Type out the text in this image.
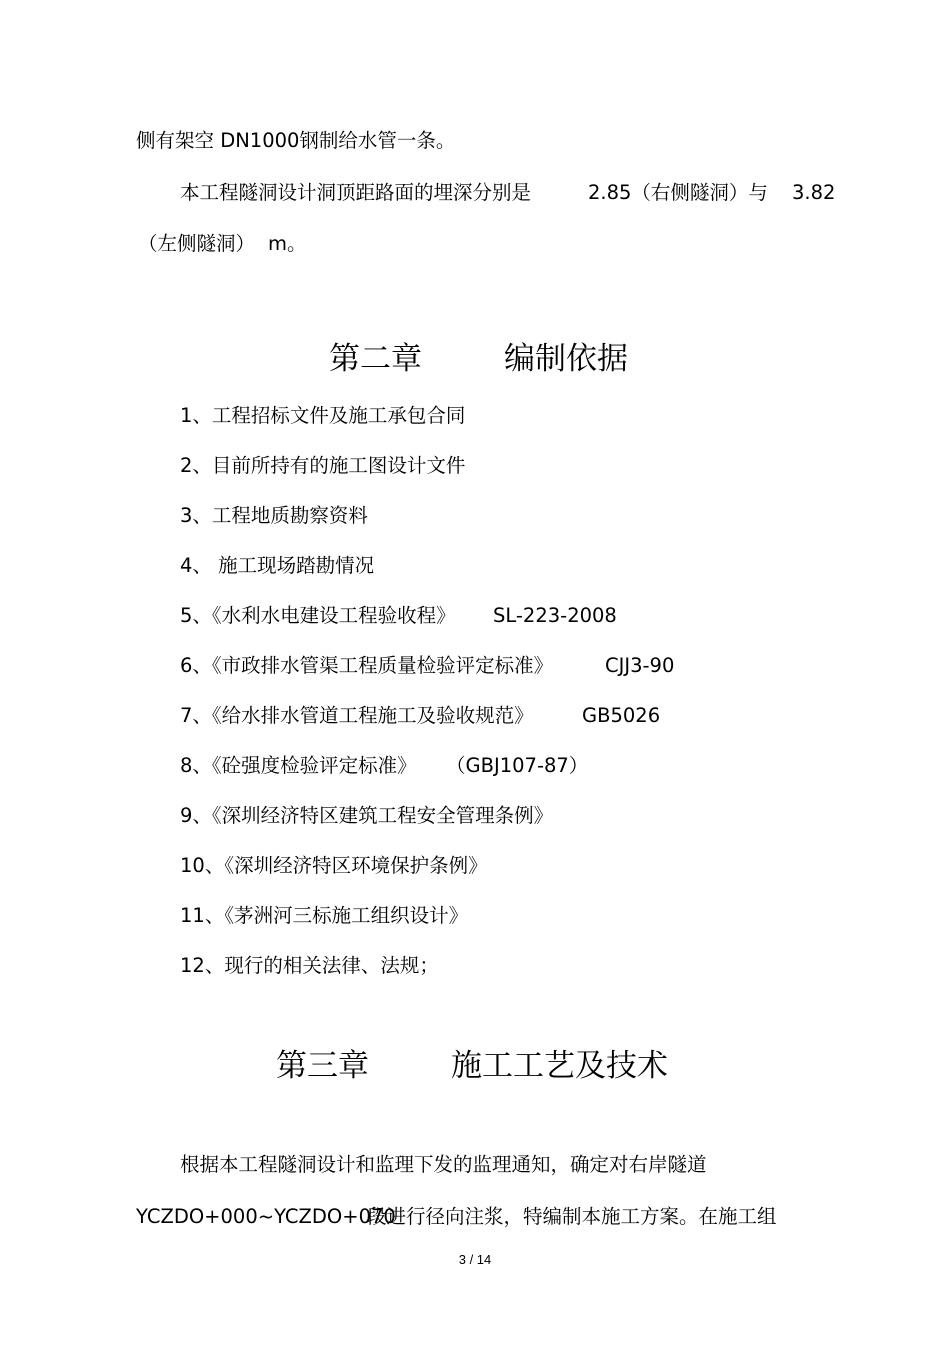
侧有架空 DN1000钢制给水管一条。
本工程隧洞设计洞顶距路面的埋深分别是	2.85（右侧隧洞）与 3.82
（左侧隧洞） m。
第二章	编制依据
1、工程招标文件及施工承包合同
2、目前所持有的施工图设计文件
3、工程地质勘察资料
4、 施工现场踏勘情况
5、《水利水电建设工程验收程》 SL-223-2008
6、《市政排水管渠工程质量检验评定标准》	CJJ3-90
7、《给水排水管道工程施工及验收规范》 GB5026
8、《砼强度检验评定标准》 （GBJ107-87）
9、《深圳经济特区建筑工程安全管理条例》
10、《深圳经济特区环境保护条例》
11、《茅洲河三标施工组织设计》
12、现行的相关法律、法规；
第三章	施工工艺及技术
根据本工程隧洞设计和监理下发的监理通知，确定对右岸隧道
YCZDO+000~YCZDO+070
段进行径向注浆，特编制本施工方案。在施工组
3 / 14
